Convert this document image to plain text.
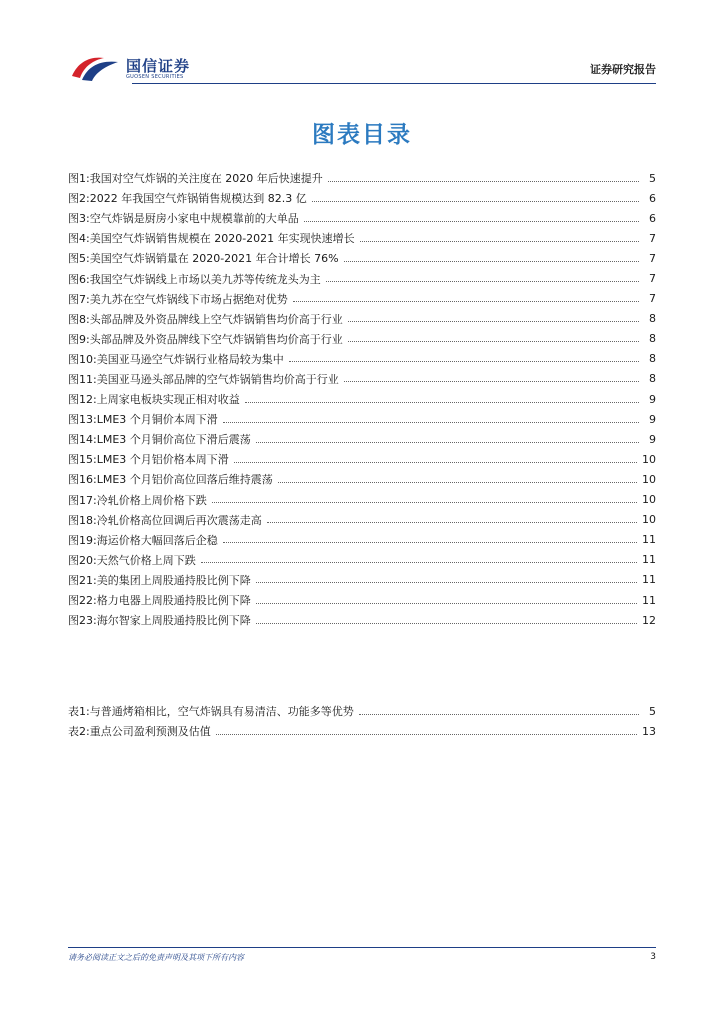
国信证券
GUOSEN SECURITIES
证券研究报告
图表目录
图1: 我国对空气炸锅的关注度在 2020 年后快速提升	5
图2: 2022 年我国空气炸锅销售规模达到 82.3 亿	6
图3: 空气炸锅是厨房小家电中规模靠前的大单品	6
图4: 美国空气炸锅销售规模在 2020-2021 年实现快速增长	7
图5: 美国空气炸锅销量在 2020-2021 年合计增长 76%	7
图6: 我国空气炸锅线上市场以美九苏等传统龙头为主	7
图7: 美九苏在空气炸锅线下市场占据绝对优势	7
图8: 头部品牌及外资品牌线上空气炸锅销售均价高于行业	8
图9: 头部品牌及外资品牌线下空气炸锅销售均价高于行业	8
图10: 美国亚马逊空气炸锅行业格局较为集中	8
图11: 美国亚马逊头部品牌的空气炸锅销售均价高于行业	8
图12: 上周家电板块实现正相对收益	9
图13: LME3 个月铜价本周下滑	9
图14: LME3 个月铜价高位下滑后震荡	9
图15: LME3 个月铝价格本周下滑	10
图16: LME3 个月铝价高位回落后维持震荡	10
图17: 冷轧价格上周价格下跌	10
图18: 冷轧价格高位回调后再次震荡走高	10
图19: 海运价格大幅回落后企稳	11
图20: 天然气价格上周下跌	11
图21: 美的集团上周股通持股比例下降	11
图22: 格力电器上周股通持股比例下降	11
图23: 海尔智家上周股通持股比例下降	12
表1: 与普通烤箱相比，空气炸锅具有易清洁、功能多等优势	5
表2: 重点公司盈利预测及估值	13
请务必阅读正文之后的免责声明及其项下所有内容	3
